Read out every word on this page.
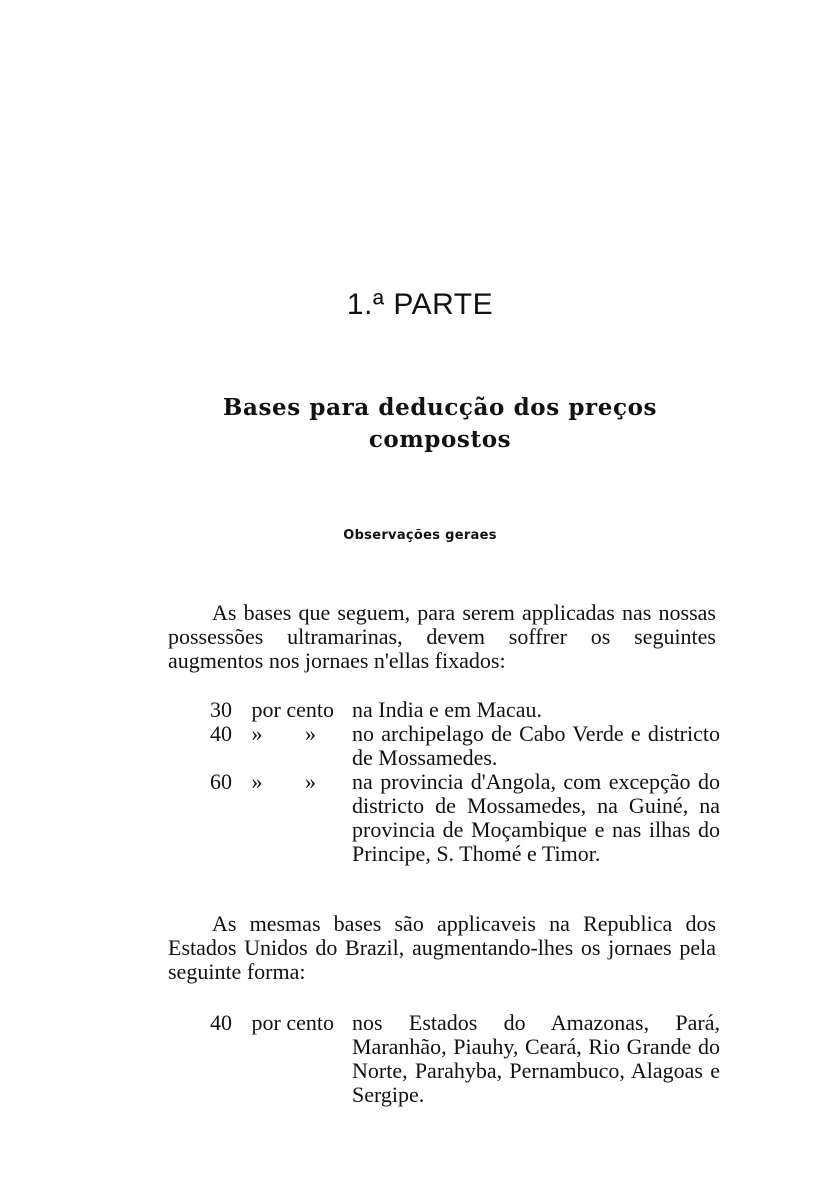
1.ª PARTE
Bases para deducção dos preços compostos
Observações geraes

As bases que seguem, para serem applicadas nas nossas possessões ultramarinas, devem soffrer os seguintes augmentos nos jornaes n'ellas fixados:

30 por cento na India e em Macau.
40 » »	no archipelago de Cabo Verde e districto de Mossamedes.
60 » »	na provincia d'Angola, com excepção do districto de Mossamedes, na Guiné, na provincia de Moçambique e nas ilhas do Principe, S. Thomé e Timor.

As mesmas bases são applicaveis na Republica dos Estados Unidos do Brazil, augmentando-lhes os jornaes pela seguinte forma:

40 por cento nos Estados do Amazonas, Pará, Maranhão, Piauhy, Ceará, Rio Grande do Norte, Parahyba, Pernambuco, Alagoas e Sergipe.
